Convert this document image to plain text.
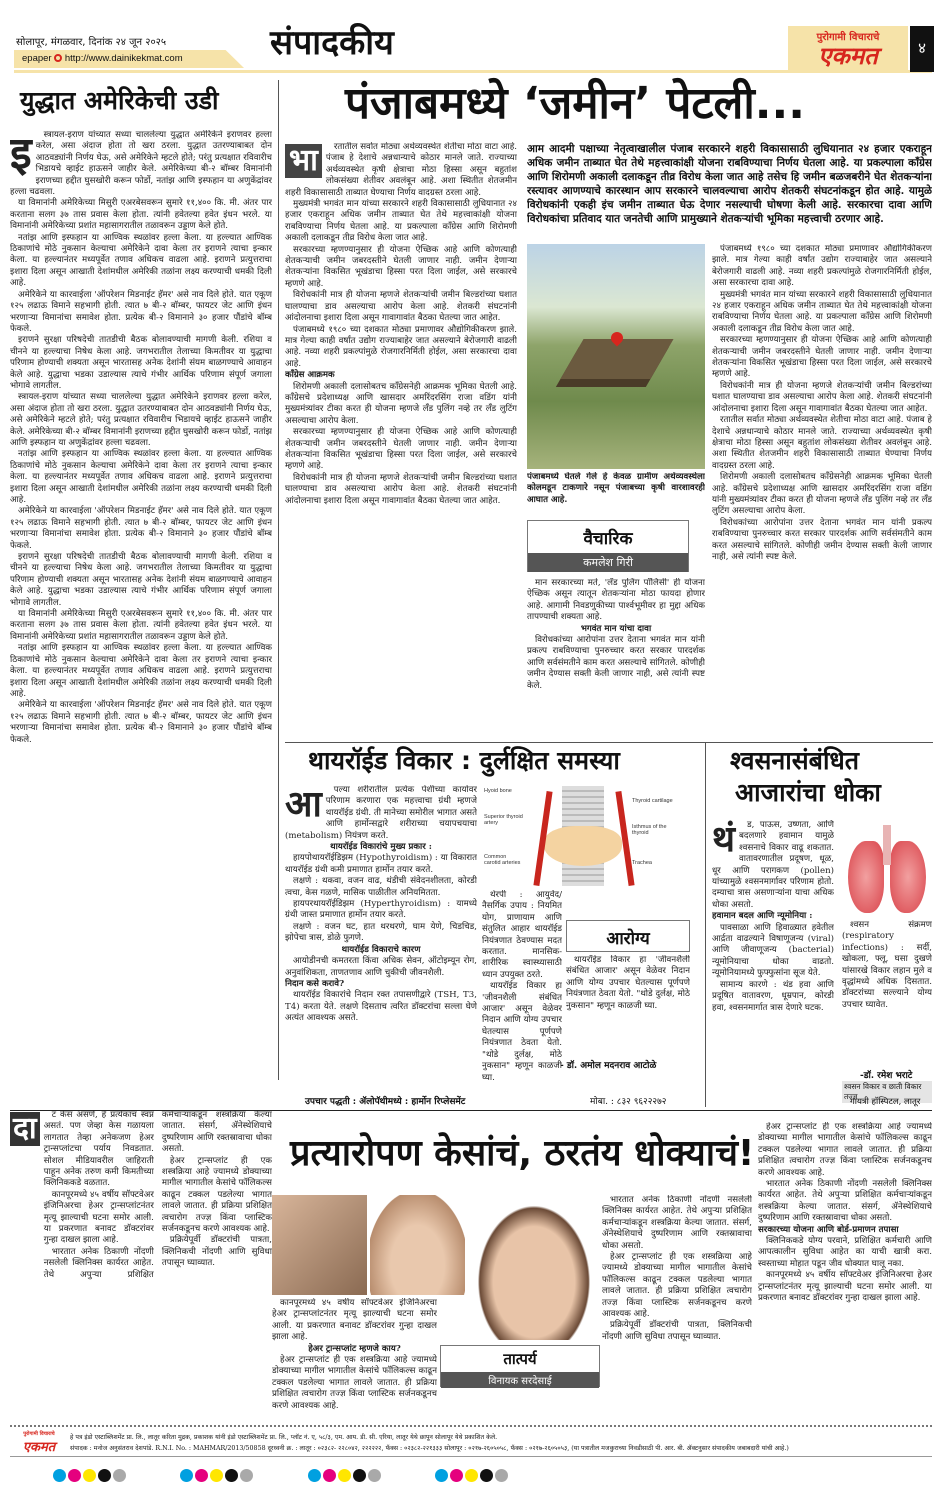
सोलापूर, मंगळवार, दिनांक २४ जून २०२५
epaper http://www.dainikekmat.com	संपादकीय	पुरोगामी विचाराचे
एकमत	४
युद्धात अमेरिकेची उडी
इ	स्त्रायल-इराण यांच्यात सध्या चाललेल्या युद्धात अमेरिकेने इराणवर हल्ला करेल, असा अंदाज होता तो खरा ठरला. युद्धात उतरण्याबाबत दोन आठवड्यांनी निर्णय घेऊ, असे अमेरिकेने म्हटले होते; परंतु प्रत्यक्षात रविवारीच भिडायचे व्हाईट हाऊसने जाहीर केले. अमेरिकेच्या बी-२ बॉम्बर विमानांनी इराणच्या हद्दीत घुसखोरी करून फोर्डो, नतांझ आणि इस्फहान या अणुकेंद्रांवर हल्ला चढवला.

या विमानांनी अमेरिकेच्या मिसुरी एअरबेसवरून सुमारे ११,४०० कि. मी. अंतर पार करताना सलग ३७ तास प्रवास केला होता. त्यांनी हवेतल्या हवेत इंधन भरले. या विमानांनी अमेरिकेच्या प्रशांत महासागरातील तळावरून उड्डाण केले होते.

नतांझ आणि इस्फहान या आण्विक स्थळांवर हल्ला केला. या हल्ल्यात आण्विक ठिकाणांचे मोठे नुकसान केल्याचा अमेरिकेने दावा केला तर इराणने त्याचा इन्कार केला. या हल्ल्यानंतर मध्यपूर्वेत तणाव अधिकच वाढला आहे. इराणने प्रत्युत्तराचा इशारा दिला असून आखाती देशांमधील अमेरिकी तळांना लक्ष्य करण्याची धमकी दिली आहे.

अमेरिकेने या कारवाईला 'ऑपरेशन मिडनाईट हॅमर' असे नाव दिले होते. यात एकूण १२५ लढाऊ विमाने सहभागी होती. त्यात ७ बी-२ बॉम्बर, फायटर जेट आणि इंधन भरणाऱ्या विमानांचा समावेश होता. प्रत्येक बी-२ विमानाने ३० हजार पौंडांचे बॉम्ब फेकले.

इराणने सुरक्षा परिषदेची तातडीची बैठक बोलावण्याची मागणी केली. रशिया व चीनने या हल्ल्याचा निषेध केला आहे. जगभरातील तेलाच्या किमतीवर या युद्धाचा परिणाम होण्याची शक्यता असून भारतासह अनेक देशांनी संयम बाळगण्याचे आवाहन केले आहे. युद्धाचा भडका उडाल्यास त्याचे गंभीर आर्थिक परिणाम संपूर्ण जगाला भोगावे लागतील.

स्त्रायल-इराण यांच्यात सध्या चाललेल्या युद्धात अमेरिकेने इराणवर हल्ला करेल, असा अंदाज होता तो खरा ठरला. युद्धात उतरण्याबाबत दोन आठवड्यांनी निर्णय घेऊ, असे अमेरिकेने म्हटले होते; परंतु प्रत्यक्षात रविवारीच भिडायचे व्हाईट हाऊसने जाहीर केले. अमेरिकेच्या बी-२ बॉम्बर विमानांनी इराणच्या हद्दीत घुसखोरी करून फोर्डो, नतांझ आणि इस्फहान या अणुकेंद्रांवर हल्ला चढवला.

नतांझ आणि इस्फहान या आण्विक स्थळांवर हल्ला केला. या हल्ल्यात आण्विक ठिकाणांचे मोठे नुकसान केल्याचा अमेरिकेने दावा केला तर इराणने त्याचा इन्कार केला. या हल्ल्यानंतर मध्यपूर्वेत तणाव अधिकच वाढला आहे. इराणने प्रत्युत्तराचा इशारा दिला असून आखाती देशांमधील अमेरिकी तळांना लक्ष्य करण्याची धमकी दिली आहे.

अमेरिकेने या कारवाईला 'ऑपरेशन मिडनाईट हॅमर' असे नाव दिले होते. यात एकूण १२५ लढाऊ विमाने सहभागी होती. त्यात ७ बी-२ बॉम्बर, फायटर जेट आणि इंधन भरणाऱ्या विमानांचा समावेश होता. प्रत्येक बी-२ विमानाने ३० हजार पौंडांचे बॉम्ब फेकले.

इराणने सुरक्षा परिषदेची तातडीची बैठक बोलावण्याची मागणी केली. रशिया व चीनने या हल्ल्याचा निषेध केला आहे. जगभरातील तेलाच्या किमतीवर या युद्धाचा परिणाम होण्याची शक्यता असून भारतासह अनेक देशांनी संयम बाळगण्याचे आवाहन केले आहे. युद्धाचा भडका उडाल्यास त्याचे गंभीर आर्थिक परिणाम संपूर्ण जगाला भोगावे लागतील.

या विमानांनी अमेरिकेच्या मिसुरी एअरबेसवरून सुमारे ११,४०० कि. मी. अंतर पार करताना सलग ३७ तास प्रवास केला होता. त्यांनी हवेतल्या हवेत इंधन भरले. या विमानांनी अमेरिकेच्या प्रशांत महासागरातील तळावरून उड्डाण केले होते.

नतांझ आणि इस्फहान या आण्विक स्थळांवर हल्ला केला. या हल्ल्यात आण्विक ठिकाणांचे मोठे नुकसान केल्याचा अमेरिकेने दावा केला तर इराणने त्याचा इन्कार केला. या हल्ल्यानंतर मध्यपूर्वेत तणाव अधिकच वाढला आहे. इराणने प्रत्युत्तराचा इशारा दिला असून आखाती देशांमधील अमेरिकी तळांना लक्ष्य करण्याची धमकी दिली आहे.

अमेरिकेने या कारवाईला 'ऑपरेशन मिडनाईट हॅमर' असे नाव दिले होते. यात एकूण १२५ लढाऊ विमाने सहभागी होती. त्यात ७ बी-२ बॉम्बर, फायटर जेट आणि इंधन भरणाऱ्या विमानांचा समावेश होता. प्रत्येक बी-२ विमानाने ३० हजार पौंडांचे बॉम्ब फेकले.

पंजाबमध्ये ‘जमीन’ पेटली...
आम आदमी पक्षाच्या नेतृत्वाखालील पंजाब सरकारने शहरी विकासासाठी लुधियानात २४ हजार एकराहून अधिक जमीन ताब्यात घेत तेथे महत्त्वाकांक्षी योजना राबविण्याचा निर्णय घेतला आहे. या प्रकल्पाला काँग्रेस आणि शिरोमणी अकाली दलाकडून तीव्र विरोध केला जात आहे तसेच हि जमीन बळजबरीने घेत शेतकऱ्यांना रस्त्यावर आणण्याचे कारस्थान आप सरकारने चालवल्याचा आरोप शेतकरी संघटनांकडून होत आहे. यामुळे विरोधकांनी एकही इंच जमीन ताब्यात घेऊ देणार नसल्याची घोषणा केली आहे. सरकारचा दावा आणि विरोधकांचा प्रतिवाद यात जनतेची आणि प्रामुख्याने शेतकऱ्यांची भूमिका महत्त्वाची ठरणार आहे.
भा	रतातील सर्वात मोठ्या अर्थव्यवस्थेत शेतीचा मोठा वाटा आहे. पंजाब हे देशाचे अन्नधान्याचे कोठार मानले जाते. राज्याच्या अर्थव्यवस्थेत कृषी क्षेत्राचा मोठा हिस्सा असून बहुतांश लोकसंख्या शेतीवर अवलंबून आहे. अशा स्थितीत शेतजमीन शहरी विकासासाठी ताब्यात घेण्याचा निर्णय वादग्रस्त ठरला आहे.

मुख्यमंत्री भगवंत मान यांच्या सरकारने शहरी विकासासाठी लुधियानात २४ हजार एकराहून अधिक जमीन ताब्यात घेत तेथे महत्त्वाकांक्षी योजना राबविण्याचा निर्णय घेतला आहे. या प्रकल्पाला काँग्रेस आणि शिरोमणी अकाली दलाकडून तीव्र विरोध केला जात आहे.

सरकारच्या म्हणण्यानुसार ही योजना ऐच्छिक आहे आणि कोणत्याही शेतकऱ्याची जमीन जबरदस्तीने घेतली जाणार नाही. जमीन देणाऱ्या शेतकऱ्यांना विकसित भूखंडाचा हिस्सा परत दिला जाईल, असे सरकारचे म्हणणे आहे.

विरोधकांनी मात्र ही योजना म्हणजे शेतकऱ्यांची जमीन बिल्डरांच्या घशात घालण्याचा डाव असल्याचा आरोप केला आहे. शेतकरी संघटनांनी आंदोलनाचा इशारा दिला असून गावागावांत बैठका घेतल्या जात आहेत.

पंजाबमध्ये १९८० च्या दशकात मोठ्या प्रमाणावर औद्योगिकीकरण झाले. मात्र गेल्या काही वर्षांत उद्योग राज्याबाहेर जात असल्याने बेरोजगारी वाढली आहे. नव्या शहरी प्रकल्पांमुळे रोजगारनिर्मिती होईल, असा सरकारचा दावा आहे.

काँग्रेस आक्रमक

शिरोमणी अकाली दलासोबतच काँग्रेसनेही आक्रमक भूमिका घेतली आहे. काँग्रेसचे प्रदेशाध्यक्ष आणि खासदार अमरिंदरसिंग राजा वडिंग यांनी मुख्यमंत्र्यांवर टीका करत ही योजना म्हणजे लँड पुलिंग नव्हे तर लँड लुटिंग असल्याचा आरोप केला.

सरकारच्या म्हणण्यानुसार ही योजना ऐच्छिक आहे आणि कोणत्याही शेतकऱ्याची जमीन जबरदस्तीने घेतली जाणार नाही. जमीन देणाऱ्या शेतकऱ्यांना विकसित भूखंडाचा हिस्सा परत दिला जाईल, असे सरकारचे म्हणणे आहे.

विरोधकांनी मात्र ही योजना म्हणजे शेतकऱ्यांची जमीन बिल्डरांच्या घशात घालण्याचा डाव असल्याचा आरोप केला आहे. शेतकरी संघटनांनी आंदोलनाचा इशारा दिला असून गावागावांत बैठका घेतल्या जात आहेत.

पंजाबमध्ये घेतले गेले हे केवळ ग्रामीण अर्थव्यवस्थेला कोलमडून टाकणारे नसून पंजाबच्या कृषी वारशावरही आघात आहे.
वैचारिक
कमलेश गिरी

मान सरकारच्या मते, 'लँड पुलिंग पॉलिसी' ही योजना ऐच्छिक असून त्यातून शेतकऱ्यांना मोठा फायदा होणार आहे. आगामी निवडणुकीच्या पार्श्वभूमीवर हा मुद्दा अधिक तापण्याची शक्यता आहे.

भगवंत मान यांचा दावा

विरोधकांच्या आरोपांना उत्तर देताना भगवंत मान यांनी प्रकल्प राबविण्याचा पुनरुच्चार करत सरकार पारदर्शक आणि सर्वसंमतीने काम करत असल्याचे सांगितले. कोणीही जमीन देण्यास सक्ती केली जाणार नाही, असे त्यांनी स्पष्ट केले.

पंजाबमध्ये १९८० च्या दशकात मोठ्या प्रमाणावर औद्योगिकीकरण झाले. मात्र गेल्या काही वर्षांत उद्योग राज्याबाहेर जात असल्याने बेरोजगारी वाढली आहे. नव्या शहरी प्रकल्पांमुळे रोजगारनिर्मिती होईल, असा सरकारचा दावा आहे.

मुख्यमंत्री भगवंत मान यांच्या सरकारने शहरी विकासासाठी लुधियानात २४ हजार एकराहून अधिक जमीन ताब्यात घेत तेथे महत्त्वाकांक्षी योजना राबविण्याचा निर्णय घेतला आहे. या प्रकल्पाला काँग्रेस आणि शिरोमणी अकाली दलाकडून तीव्र विरोध केला जात आहे.

सरकारच्या म्हणण्यानुसार ही योजना ऐच्छिक आहे आणि कोणत्याही शेतकऱ्याची जमीन जबरदस्तीने घेतली जाणार नाही. जमीन देणाऱ्या शेतकऱ्यांना विकसित भूखंडाचा हिस्सा परत दिला जाईल, असे सरकारचे म्हणणे आहे.

विरोधकांनी मात्र ही योजना म्हणजे शेतकऱ्यांची जमीन बिल्डरांच्या घशात घालण्याचा डाव असल्याचा आरोप केला आहे. शेतकरी संघटनांनी आंदोलनाचा इशारा दिला असून गावागावांत बैठका घेतल्या जात आहेत.

रतातील सर्वात मोठ्या अर्थव्यवस्थेत शेतीचा मोठा वाटा आहे. पंजाब हे देशाचे अन्नधान्याचे कोठार मानले जाते. राज्याच्या अर्थव्यवस्थेत कृषी क्षेत्राचा मोठा हिस्सा असून बहुतांश लोकसंख्या शेतीवर अवलंबून आहे. अशा स्थितीत शेतजमीन शहरी विकासासाठी ताब्यात घेण्याचा निर्णय वादग्रस्त ठरला आहे.

शिरोमणी अकाली दलासोबतच काँग्रेसनेही आक्रमक भूमिका घेतली आहे. काँग्रेसचे प्रदेशाध्यक्ष आणि खासदार अमरिंदरसिंग राजा वडिंग यांनी मुख्यमंत्र्यांवर टीका करत ही योजना म्हणजे लँड पुलिंग नव्हे तर लँड लुटिंग असल्याचा आरोप केला.

विरोधकांच्या आरोपांना उत्तर देताना भगवंत मान यांनी प्रकल्प राबविण्याचा पुनरुच्चार करत सरकार पारदर्शक आणि सर्वसंमतीने काम करत असल्याचे सांगितले. कोणीही जमीन देण्यास सक्ती केली जाणार नाही, असे त्यांनी स्पष्ट केले.

थायरॉईड विकार : दुर्लक्षित समस्या
आ	पल्या शरीरातील प्रत्येक पेशीच्या कार्यावर परिणाम करणारा एक महत्त्वाचा ग्रंथी म्हणजे थायरॉईड ग्रंथी. ती मानेच्या समोरील भागात असते आणि हार्मोन्सद्वारे शरीराच्या चयापचयाचा (metabolism) नियंत्रण करते.

थायरॉईड विकारांचे मुख्य प्रकार :

हायपोथायरॉईडिझम (Hypothyroidism) : या विकारात थायरॉईड ग्रंथी कमी प्रमाणात हार्मोन तयार करते.

लक्षणे : थकवा, वजन वाढ, थंडीची संवेदनशीलता, कोरडी त्वचा, केस गळणे, मासिक पाळीतील अनियमितता.

हायपरथायरॉईडिझम (Hyperthyroidism) : यामध्ये ग्रंथी जास्त प्रमाणात हार्मोन तयार करते.

लक्षणे : वजन घट, हात थरथरणे, घाम येणे, चिडचिड, झोपेचा त्रास, डोळे फुगणे.

थायरॉईड विकाराचे कारण

आयोडीनची कमतरता किंवा अधिक सेवन, ऑटोइम्यून रोग, अनुवांशिकता, ताणतणाव आणि चुकीची जीवनशैली.

निदान कसे करावे?

थायरॉईड विकारांचे निदान रक्त तपासणीद्वारे (TSH, T3, T4) करता येते. लक्षणे दिसताच त्वरित डॉक्टरांचा सल्ला घेणे अत्यंत आवश्यक असते.

Hyoid bone
Thyroid cartilage
Superior thyroid artery
Isthmus of the thyroid
Common carotid arteries	Trachea

थेरपी : आयुर्वेद/नैसर्गिक उपाय : नियमित योग, प्राणायाम आणि संतुलित आहार थायरॉईड नियंत्रणात ठेवण्यास मदत करतात. मानसिक-शारीरिक स्वास्थ्यासाठी ध्यान उपयुक्त ठरते.

थायरॉईड विकार हा 'जीवनशैली संबंधित आजार' असून वेळेवर निदान आणि योग्य उपचार घेतल्यास पूर्णपणे नियंत्रणात ठेवता येतो. "थोडे दुर्लक्ष, मोठे नुकसान" म्हणून काळजी घ्या.

आरोग्य

थायरॉईड विकार हा 'जीवनशैली संबंधित आजार' असून वेळेवर निदान आणि योग्य उपचार घेतल्यास पूर्णपणे नियंत्रणात ठेवता येतो. "थोडे दुर्लक्ष, मोठे नुकसान" म्हणून काळजी घ्या.

- डॉ. अमोल मदनराव आटोळे
उपचार पद्धती : ॲलोपॅथीमध्ये : हार्मोन रिप्लेसमेंट	मोबा. : ८३२ ९६२२२७२
श्वसनासंबंधित
आजारांचा धोका
थं	ड, पाऊस, उष्णता, आणि बदलणारे हवामान यामुळे श्वसनाचे विकार वाढू शकतात. वातावरणातील प्रदूषण, धूळ, धूर आणि परागकण (pollen) यांच्यामुळे श्वसनमार्गावर परिणाम होतो. दम्याचा त्रास असणाऱ्यांना याचा अधिक धोका असतो.

हवामान बदल आणि न्यूमोनिया :

पावसाळा आणि हिवाळ्यात हवेतील आर्द्रता वाढल्याने विषाणूजन्य (viral) आणि जीवाणूजन्य (bacterial) न्यूमोनियाचा धोका वाढतो. न्यूमोनियामध्ये फुफ्फुसांना सूज येते.

सामान्य कारणे : थंड हवा आणि प्रदूषित वातावरण, धूम्रपान, कोरडी हवा, श्वसनमार्गात त्रास देणारे घटक.

श्वसन संक्रमण (respiratory infections) : सर्दी, खोकला, फ्लू, घसा दुखणे यांसारखे विकार लहान मुले व वृद्धांमध्ये अधिक दिसतात. डॉक्टरांच्या सल्ल्याने योग्य उपचार घ्यावेत.

-डॉ. रमेश भराटे
श्वसन विकार व छाती विकार तज्ज्ञ
गायत्री हॉस्पिटल, लातूर
प्रत्यारोपण केसांचं, ठरतंय धोक्याचं!
दा	ट केस असणे, हे प्रत्येकाचं स्वप्न असतं. पण जेव्हा केस गळायला लागतात तेव्हा अनेकजण हेअर ट्रान्सप्लांटचा पर्याय निवडतात. सोशल मीडियावरील जाहिराती पाहून अनेक तरुण कमी किमतीच्या क्लिनिककडे वळतात.

कानपूरमध्ये ४५ वर्षीय सॉफ्टवेअर इंजिनिअरचा हेअर ट्रान्सप्लांटनंतर मृत्यू झाल्याची घटना समोर आली. या प्रकरणात बनावट डॉक्टरांवर गुन्हा दाखल झाला आहे.

भारतात अनेक ठिकाणी नोंदणी नसलेली क्लिनिक्स कार्यरत आहेत. तेथे अपुऱ्या प्रशिक्षित कर्मचाऱ्यांकडून शस्त्रक्रिया केल्या जातात. संसर्ग, ॲनेस्थेशियाचे दुष्परिणाम आणि रक्तस्रावाचा धोका असतो.

हेअर ट्रान्सप्लांट ही एक शस्त्रक्रिया आहे ज्यामध्ये डोक्याच्या मागील भागातील केसांचे फॉलिकल्स काढून टक्कल पडलेल्या भागात लावले जातात. ही प्रक्रिया प्रशिक्षित त्वचारोग तज्ज्ञ किंवा प्लास्टिक सर्जनकडूनच करणे आवश्यक आहे.

प्रक्रियेपूर्वी डॉक्टरांची पात्रता, क्लिनिकची नोंदणी आणि सुविधा तपासून घ्याव्यात.

कानपूरमध्ये ४५ वर्षीय सॉफ्टवेअर इंजिनिअरचा हेअर ट्रान्सप्लांटनंतर मृत्यू झाल्याची घटना समोर आली. या प्रकरणात बनावट डॉक्टरांवर गुन्हा दाखल झाला आहे.

हेअर ट्रान्सप्लांट म्हणजे काय?

हेअर ट्रान्सप्लांट ही एक शस्त्रक्रिया आहे ज्यामध्ये डोक्याच्या मागील भागातील केसांचे फॉलिकल्स काढून टक्कल पडलेल्या भागात लावले जातात. ही प्रक्रिया प्रशिक्षित त्वचारोग तज्ज्ञ किंवा प्लास्टिक सर्जनकडूनच करणे आवश्यक आहे.

तात्पर्य
विनायक सरदेसाई

भारतात अनेक ठिकाणी नोंदणी नसलेली क्लिनिक्स कार्यरत आहेत. तेथे अपुऱ्या प्रशिक्षित कर्मचाऱ्यांकडून शस्त्रक्रिया केल्या जातात. संसर्ग, ॲनेस्थेशियाचे दुष्परिणाम आणि रक्तस्रावाचा धोका असतो.

हेअर ट्रान्सप्लांट ही एक शस्त्रक्रिया आहे ज्यामध्ये डोक्याच्या मागील भागातील केसांचे फॉलिकल्स काढून टक्कल पडलेल्या भागात लावले जातात. ही प्रक्रिया प्रशिक्षित त्वचारोग तज्ज्ञ किंवा प्लास्टिक सर्जनकडूनच करणे आवश्यक आहे.

प्रक्रियेपूर्वी डॉक्टरांची पात्रता, क्लिनिकची नोंदणी आणि सुविधा तपासून घ्याव्यात.

हेअर ट्रान्सप्लांट ही एक शस्त्रक्रिया आहे ज्यामध्ये डोक्याच्या मागील भागातील केसांचे फॉलिकल्स काढून टक्कल पडलेल्या भागात लावले जातात. ही प्रक्रिया प्रशिक्षित त्वचारोग तज्ज्ञ किंवा प्लास्टिक सर्जनकडूनच करणे आवश्यक आहे.

भारतात अनेक ठिकाणी नोंदणी नसलेली क्लिनिक्स कार्यरत आहेत. तेथे अपुऱ्या प्रशिक्षित कर्मचाऱ्यांकडून शस्त्रक्रिया केल्या जातात. संसर्ग, ॲनेस्थेशियाचे दुष्परिणाम आणि रक्तस्रावाचा धोका असतो.

सरकारच्या योजना आणि बोर्ड-प्रमाणन तपासा

क्लिनिककडे योग्य परवाने, प्रशिक्षित कर्मचारी आणि आपत्कालीन सुविधा आहेत का याची खात्री करा. स्वस्ताच्या मोहात पडून जीव धोक्यात घालू नका.

कानपूरमध्ये ४५ वर्षीय सॉफ्टवेअर इंजिनिअरचा हेअर ट्रान्सप्लांटनंतर मृत्यू झाल्याची घटना समोर आली. या प्रकरणात बनावट डॉक्टरांवर गुन्हा दाखल झाला आहे.

पुरोगामी विचाराचे
एकमत
हे पत्र इंडो एस्टाब्लिशमेंट प्रा. लि., लातूर करिता मुद्रक, प्रकाशक यांनी इंडो एस्टाब्लिशमेंट प्रा. लि., प्लॉट नं. ए, ५८/३, एम. आय. डी. सी. एरिया, लातूर येथे छापून सोलापूर येथे प्रकाशित केले.
संपादक : मनोज अनुसंतराव देशपांडे. R.N.I. No. : MAHMAR/2013/50858 दूरध्वनी क्र. : लातूर : ०२३८२- २२८०४२, २२२२२२, फॅक्स : ०२३८२-२२१३३३ सोलापूर : ०२१७-२६०५०५८, फॅक्स : ०२१७-२६०५०५३, (या पत्रातील मजकुराच्या निवडीसाठी पी. आर. बी. ॲक्टनुसार संपादकीय जबाबदारी यांची आहे.)
